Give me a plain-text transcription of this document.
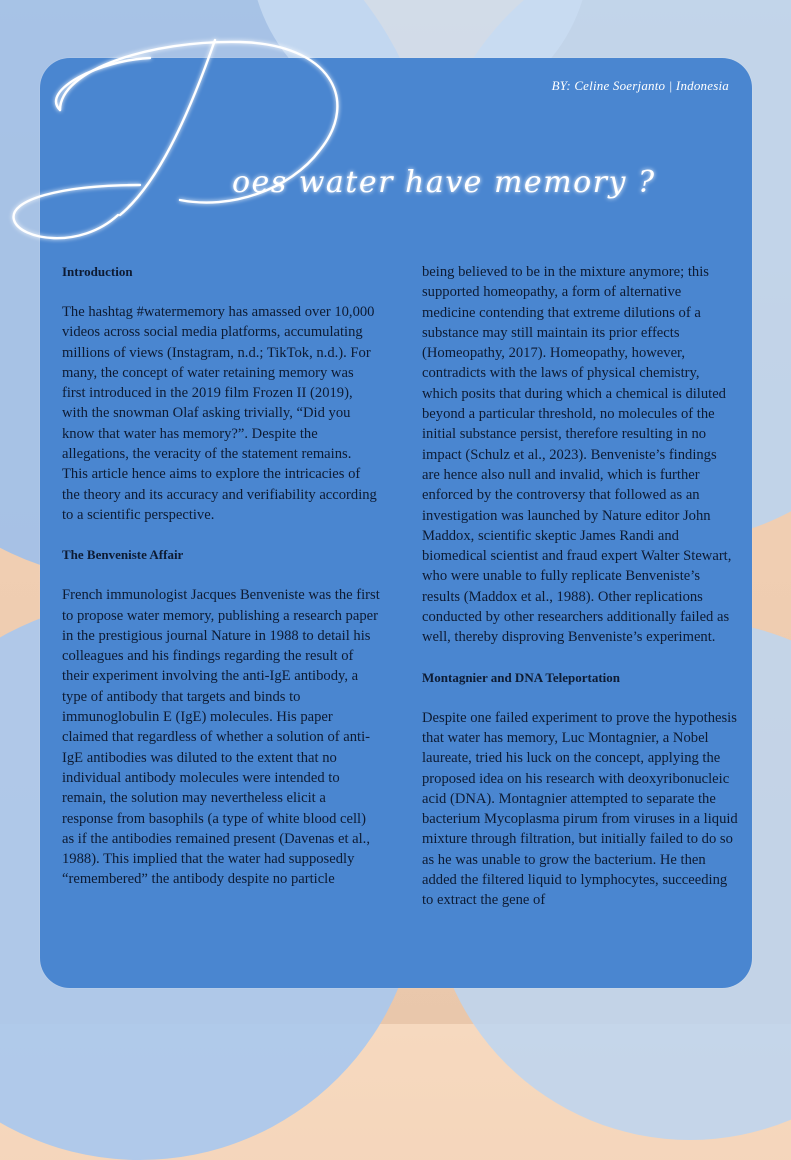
BY: Celine Soerjanto | Indonesia
oes water have memory ?
Introduction

The hashtag #watermemory has amassed over 10,000 videos across social media platforms, accumulating millions of views (Instagram, n.d.; TikTok, n.d.). For many, the concept of water retaining memory was first introduced in the 2019 film Frozen II (2019), with the snowman Olaf asking trivially, “Did you know that water has memory?”. Despite the allegations, the veracity of the statement remains. This article hence aims to explore the intricacies of the theory and its accuracy and verifiability according to a scientific perspective.

The Benveniste Affair

French immunologist Jacques Benveniste was the first to propose water memory, publishing a research paper in the prestigious journal Nature in 1988 to detail his colleagues and his findings regarding the result of their experiment involving the anti-IgE antibody, a type of antibody that targets and binds to immunoglobulin E (IgE) molecules. His paper claimed that regardless of whether a solution of anti-IgE antibodies was diluted to the extent that no individual antibody molecules were intended to remain, the solution may nevertheless elicit a response from basophils (a type of white blood cell) as if the antibodies remained present (Davenas et al., 1988). This implied that the water had supposedly “remembered” the antibody despite no particle

being believed to be in the mixture anymore; this supported homeopathy, a form of alternative medicine contending that extreme dilutions of a substance may still maintain its prior effects (Homeopathy, 2017). Homeopathy, however, contradicts with the laws of physical chemistry, which posits that during which a chemical is diluted beyond a particular threshold, no molecules of the initial substance persist, therefore resulting in no impact (Schulz et al., 2023). Benveniste’s findings are hence also null and invalid, which is further enforced by the controversy that followed as an investigation was launched by Nature editor John Maddox, scientific skeptic James Randi and biomedical scientist and fraud expert Walter Stewart, who were unable to fully replicate Benveniste’s results (Maddox et al., 1988). Other replications conducted by other researchers additionally failed as well, thereby disproving Benveniste’s experiment.

Montagnier and DNA Teleportation

Despite one failed experiment to prove the hypothesis that water has memory, Luc Montagnier, a Nobel laureate, tried his luck on the concept, applying the proposed idea on his research with deoxyribonucleic acid (DNA). Montagnier attempted to separate the bacterium Mycoplasma pirum from viruses in a liquid mixture through filtration, but initially failed to do so as he was unable to grow the bacterium. He then added the filtered liquid to lymphocytes, succeeding to extract the gene of
